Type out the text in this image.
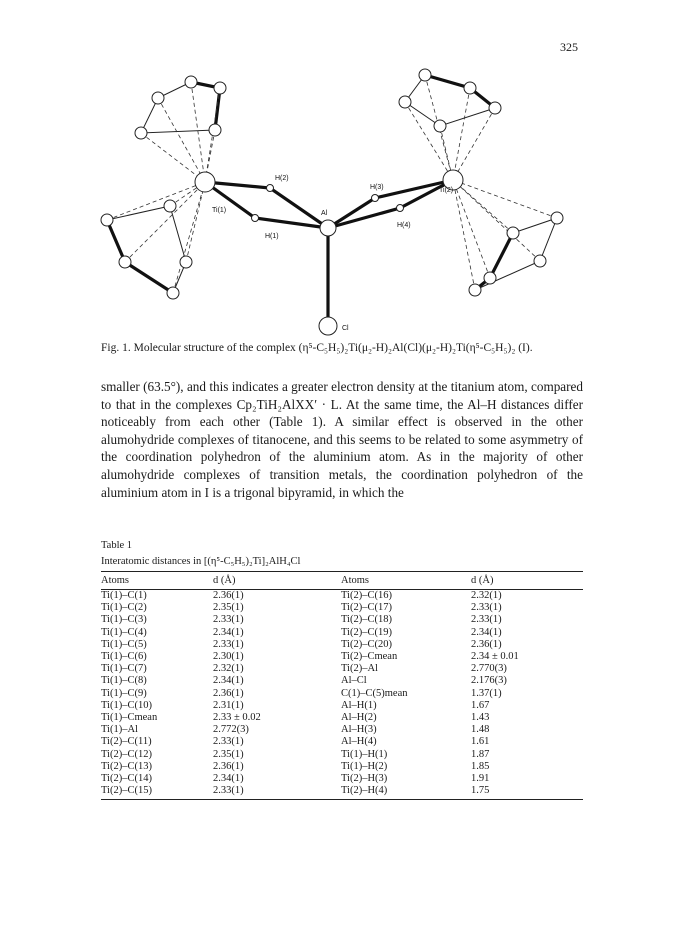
325
H(2)
Ti(1)
H(1)
Al
H(3)
H(4)
Ti(2)
Cl
Fig. 1. Molecular structure of the complex (η⁵-C₅H₅)₂Ti(μ₂-H)₂Al(Cl)(μ₂-H)₂Ti(η⁵-C₅H₅)₂ (I).

smaller (63.5°), and this indicates a greater electron density at the titanium atom, compared to that in the complexes Cp₂TiH₂AlXX′ · L. At the same time, the Al–H distances differ noticeably from each other (Table 1). A similar effect is observed in the other alumohydride complexes of titanocene, and this seems to be related to some asymmetry of the coordination polyhedron of the aluminium atom. As in the majority of other alumohydride complexes of transition metals, the coordination polyhedron of the aluminium atom in I is a trigonal bipyramid, in which the

Table 1
Interatomic distances in [(η⁵-C₅H₅)₂Ti]₂AlH₄Cl
Atoms	d (Å)	Atoms	d (Å)
Ti(1)–C(1)	2.36(1)	Ti(2)–C(16)	2.32(1)
Ti(1)–C(2)	2.35(1)	Ti(2)–C(17)	2.33(1)
Ti(1)–C(3)	2.33(1)	Ti(2)–C(18)	2.33(1)
Ti(1)–C(4)	2.34(1)	Ti(2)–C(19)	2.34(1)
Ti(1)–C(5)	2.33(1)	Ti(2)–C(20)	2.36(1)
Ti(1)–C(6)	2.30(1)	Ti(2)–Cmean	2.34 ± 0.01
Ti(1)–C(7)	2.32(1)	Ti(2)–Al	2.770(3)
Ti(1)–C(8)	2.34(1)	Al–Cl	2.176(3)
Ti(1)–C(9)	2.36(1)	C(1)–C(5)mean	1.37(1)
Ti(1)–C(10)	2.31(1)	Al–H(1)	1.67
Ti(1)–Cmean	2.33 ± 0.02	Al–H(2)	1.43
Ti(1)–Al	2.772(3)	Al–H(3)	1.48
Ti(2)–C(11)	2.33(1)	Al–H(4)	1.61
Ti(2)–C(12)	2.35(1)	Ti(1)–H(1)	1.87
Ti(2)–C(13)	2.36(1)	Ti(1)–H(2)	1.85
Ti(2)–C(14)	2.34(1)	Ti(2)–H(3)	1.91
Ti(2)–C(15)	2.33(1)	Ti(2)–H(4)	1.75
